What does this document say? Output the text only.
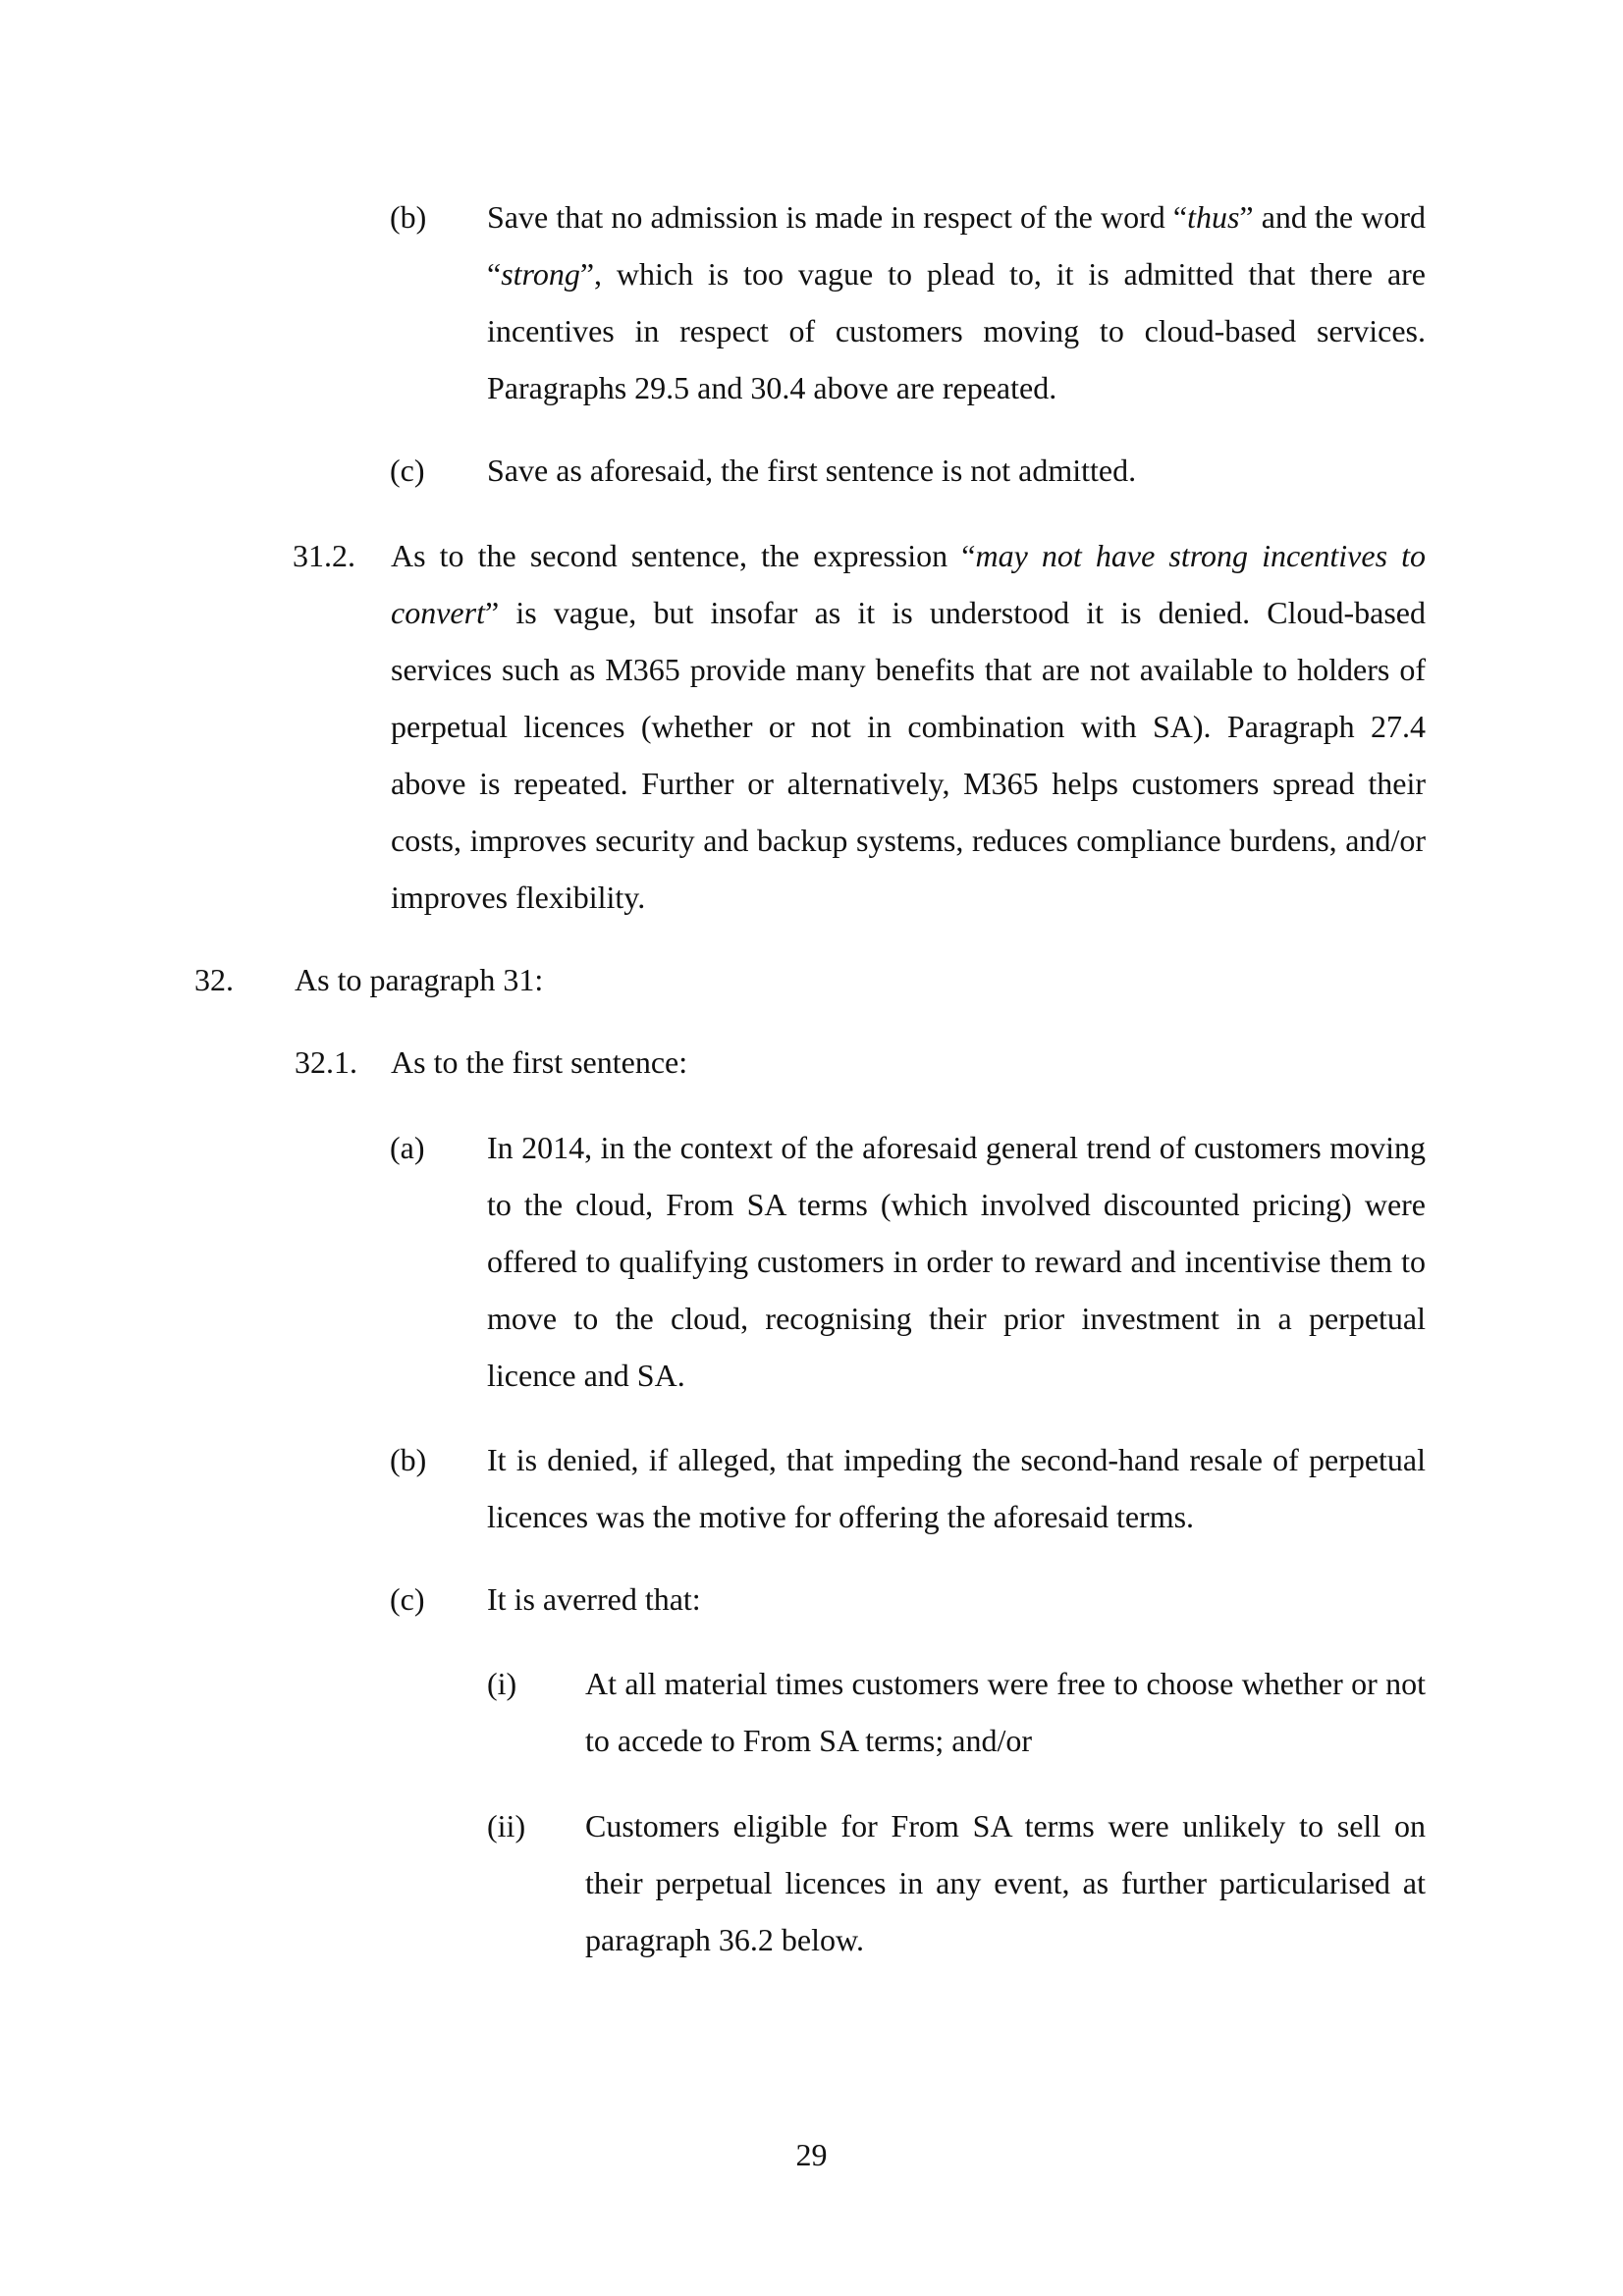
(b) Save that no admission is made in respect of the word “thus” and the word “strong”, which is too vague to plead to, it is admitted that there are incentives in respect of customers moving to cloud-based services. Paragraphs 29.5 and 30.4 above are repeated.
(c) Save as aforesaid, the first sentence is not admitted.
31.2. As to the second sentence, the expression “may not have strong incentives to convert” is vague, but insofar as it is understood it is denied. Cloud-based services such as M365 provide many benefits that are not available to holders of perpetual licences (whether or not in combination with SA). Paragraph 27.4 above is repeated. Further or alternatively, M365 helps customers spread their costs, improves security and backup systems, reduces compliance burdens, and/or improves flexibility.
32. As to paragraph 31:
32.1. As to the first sentence:
(a) In 2014, in the context of the aforesaid general trend of customers moving to the cloud, From SA terms (which involved discounted pricing) were offered to qualifying customers in order to reward and incentivise them to move to the cloud, recognising their prior investment in a perpetual licence and SA.
(b) It is denied, if alleged, that impeding the second-hand resale of perpetual licences was the motive for offering the aforesaid terms.
(c) It is averred that:
(i) At all material times customers were free to choose whether or not to accede to From SA terms; and/or
(ii) Customers eligible for From SA terms were unlikely to sell on their perpetual licences in any event, as further particularised at paragraph 36.2 below.
29
